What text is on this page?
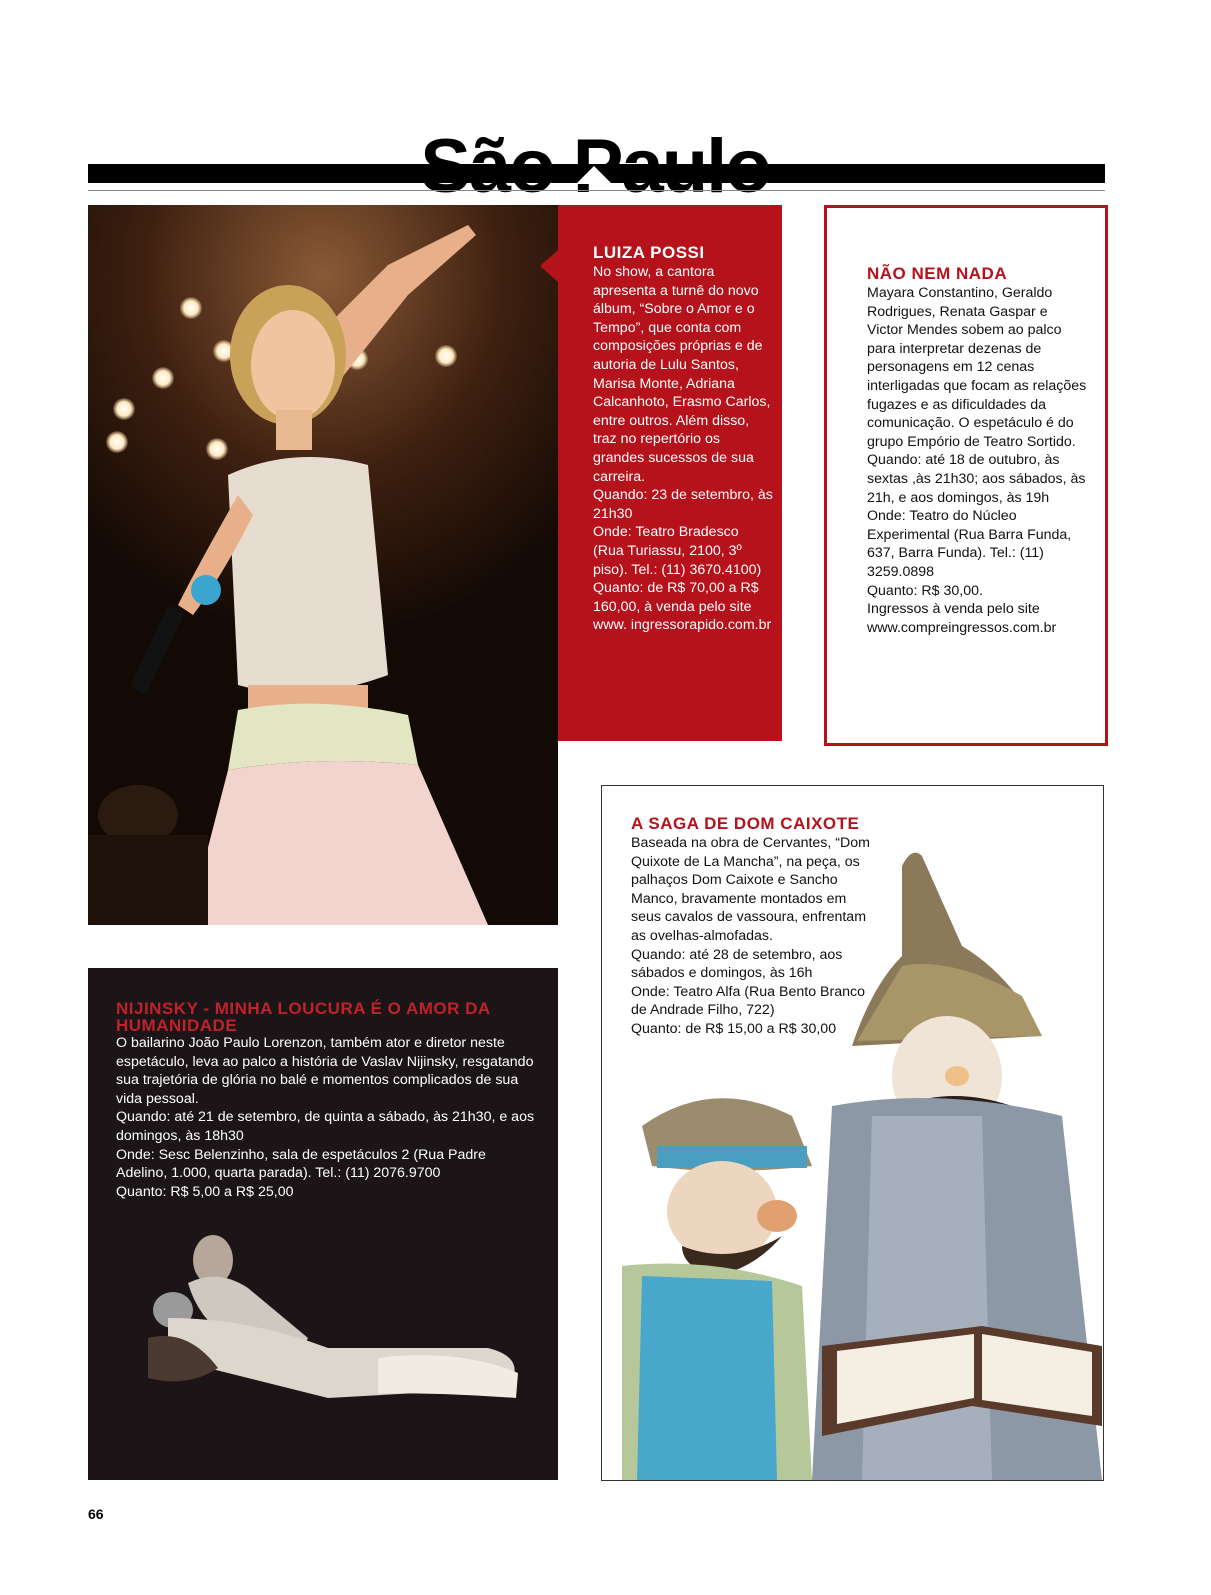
LUIZA POSSI
No show, a cantora apresenta a turnê do novo álbum, “Sobre o Amor e o Tempo”, que conta com composições próprias e de autoria de Lulu Santos, Marisa Monte, Adriana Calcanhoto, Erasmo Carlos, entre outros. Além disso, traz no repertório os grandes sucessos de sua carreira.
Quando: 23 de setembro, às 21h30
Onde: Teatro Bradesco (Rua Turiassu, 2100, 3º piso). Tel.: (11) 3670.4100)
Quanto: de R$ 70,00 a R$ 160,00, à venda pelo site www. ingressorapido.com.br
NÃO NEM NADA
Mayara Constantino, Geraldo Rodrigues, Renata Gaspar e Victor Mendes sobem ao palco para interpretar dezenas de personagens em 12 cenas interligadas que focam as relações fugazes e as dificuldades da comunicação. O espetáculo é do grupo Empório de Teatro Sortido.
Quando: até 18 de outubro, às sextas ,às 21h30; aos sábados, às 21h, e aos domingos, às 19h
Onde: Teatro do Núcleo Experimental (Rua Barra Funda, 637, Barra Funda). Tel.: (11) 3259.0898
Quanto: R$ 30,00.
Ingressos à venda pelo site www.compreingressos.com.br
NIJINSKY - MINHA LOUCURA É O AMOR DA HUMANIDADE
O bailarino João Paulo Lorenzon, também ator e diretor neste espetáculo, leva ao palco a história de Vaslav Nijinsky, resgatando sua trajetória de glória no balé e momentos complicados de sua vida pessoal.
Quando: até 21 de setembro, de quinta a sábado, às 21h30, e aos domingos, às 18h30
Onde: Sesc Belenzinho, sala de espetáculos 2 (Rua Padre Adelino, 1.000, quarta parada). Tel.: (11) 2076.9700
Quanto: R$ 5,00 a R$ 25,00
A SAGA DE DOM CAIXOTE
Baseada na obra de Cervantes, “Dom Quixote de La Mancha”, na peça, os palhaços Dom Caixote e Sancho Manco, bravamente montados em seus cavalos de vassoura, enfrentam as ovelhas-almofadas.
Quando: até 28 de setembro, aos sábados e domingos, às 16h
Onde: Teatro Alfa (Rua Bento Branco de Andrade Filho, 722)
Quanto: de R$ 15,00 a R$ 30,00
66
